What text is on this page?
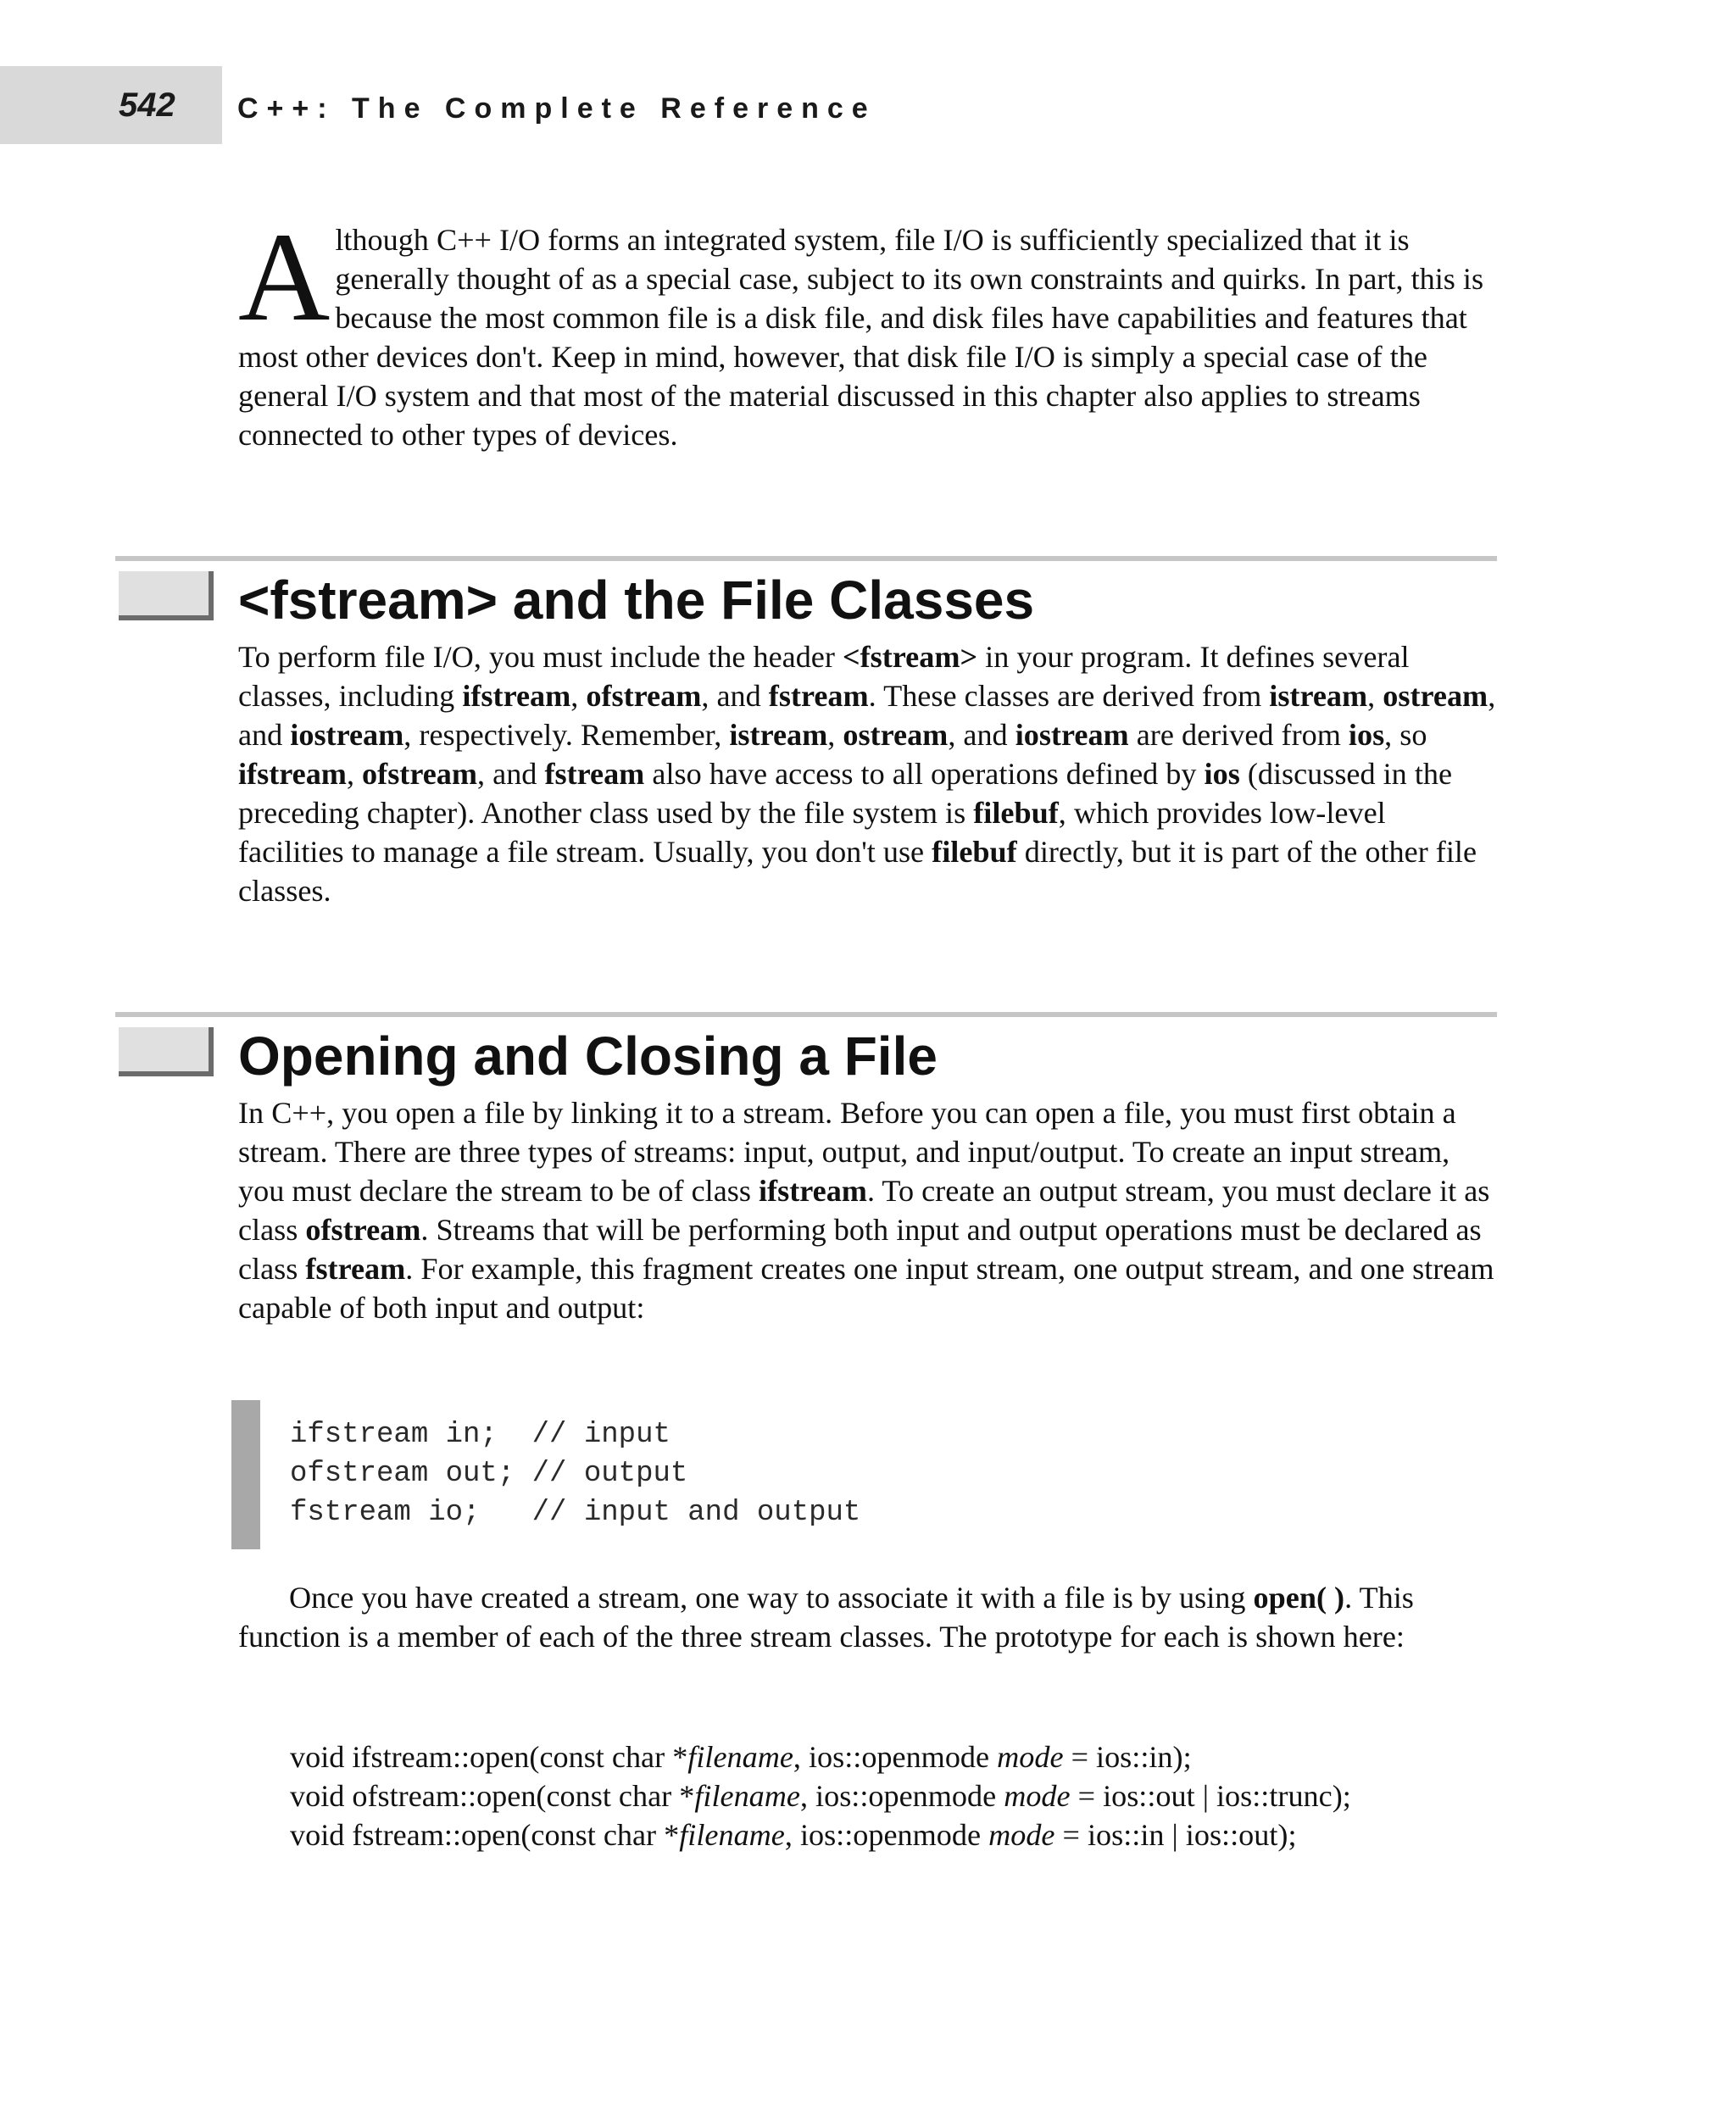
542 C++: The Complete Reference

Although C++ I/O forms an integrated system, file I/O is sufficiently specialized that it is generally thought of as a special case, subject to its own constraints and quirks. In part, this is because the most common file is a disk file, and disk files have capabilities and features that most other devices don't. Keep in mind, however, that disk file I/O is simply a special case of the general I/O system and that most of the material discussed in this chapter also applies to streams connected to other types of devices.

<fstream> and the File Classes

To perform file I/O, you must include the header <fstream> in your program. It defines several classes, including ifstream, ofstream, and fstream. These classes are derived from istream, ostream, and iostream, respectively. Remember, istream, ostream, and iostream are derived from ios, so ifstream, ofstream, and fstream also have access to all operations defined by ios (discussed in the preceding chapter). Another class used by the file system is filebuf, which provides low-level facilities to manage a file stream. Usually, you don't use filebuf directly, but it is part of the other file classes.

Opening and Closing a File

In C++, you open a file by linking it to a stream. Before you can open a file, you must first obtain a stream. There are three types of streams: input, output, and input/output. To create an input stream, you must declare the stream to be of class ifstream. To create an output stream, you must declare it as class ofstream. Streams that will be performing both input and output operations must be declared as class fstream. For example, this fragment creates one input stream, one output stream, and one stream capable of both input and output:

ifstream in;  // input
ofstream out; // output
fstream io;   // input and output

Once you have created a stream, one way to associate it with a file is by using open( ). This function is a member of each of the three stream classes. The prototype for each is shown here:

void ifstream::open(const char *filename, ios::openmode mode = ios::in);
void ofstream::open(const char *filename, ios::openmode mode = ios::out | ios::trunc);
void fstream::open(const char *filename, ios::openmode mode = ios::in | ios::out);
